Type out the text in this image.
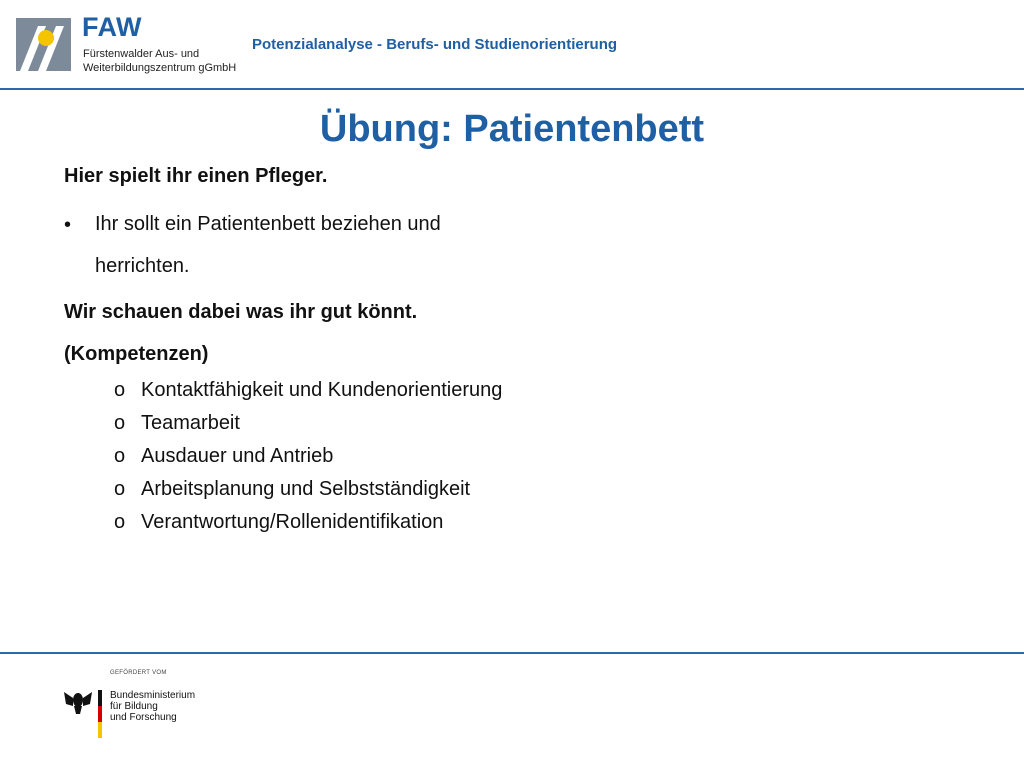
FAW
Fürstenwalder Aus- und
Weiterbildungszentrum gGmbH
Potenzialanalyse - Berufs- und Studienorientierung
Übung: Patientenbett
Hier spielt ihr einen Pfleger.
• Ihr sollt ein Patientenbett beziehen und herrichten.
Wir schauen dabei was ihr gut könnt.
(Kompetenzen)
o Kontaktfähigkeit und Kundenorientierung
o Teamarbeit
o Ausdauer und Antrieb
o Arbeitsplanung und Selbstständigkeit
o Verantwortung/Rollenidentifikation
GEFÖRDERT VOM
Bundesministerium
für Bildung
und Forschung
